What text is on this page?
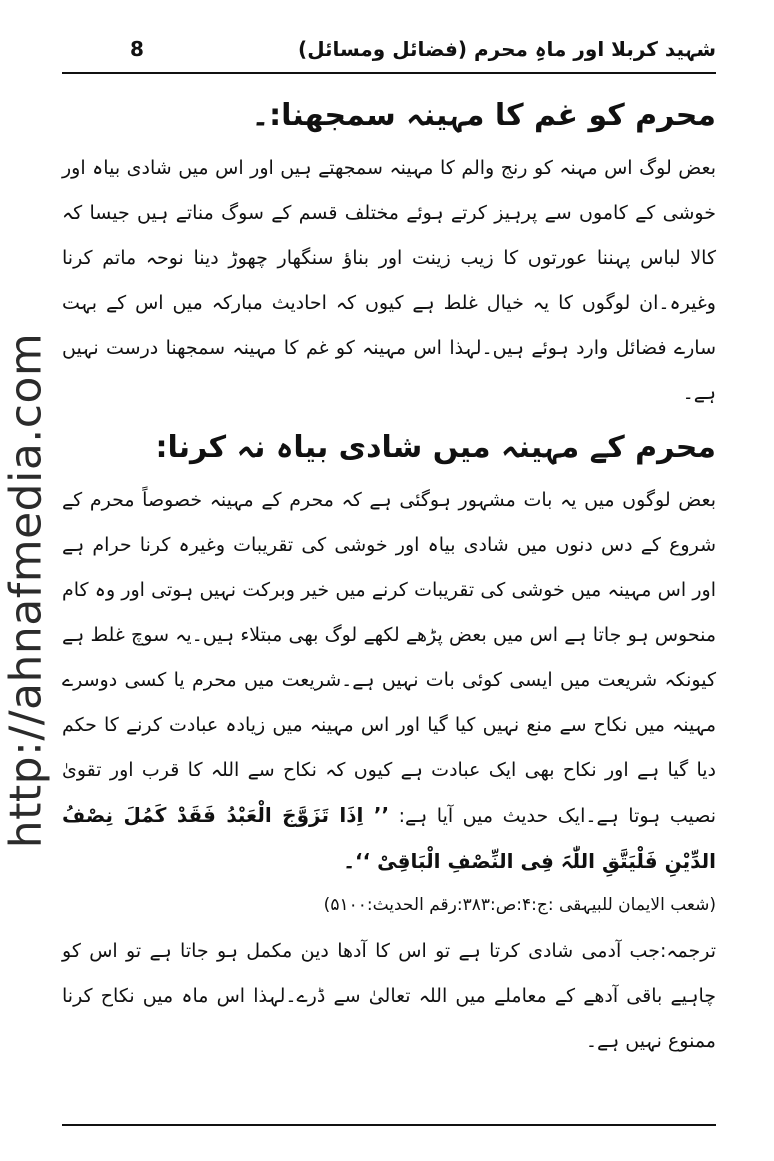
http://ahnafmedia.com
8	شہید کربلا اور ماہِ محرم (فضائل ومسائل)
محرم کو غم کا مہینہ سمجھنا:۔

بعض لوگ اس مہنہ کو رنج والم کا مہینہ سمجھتے ہیں اور اس میں شادی بیاہ اور خوشی کے کاموں سے پرہیز کرتے ہوئے مختلف قسم کے سوگ مناتے ہیں جیسا کہ کالا لباس پہننا عورتوں کا زیب زینت اور بناؤ سنگھار چھوڑ دینا نوحہ ماتم کرنا وغیرہ۔ان لوگوں کا یہ خیال غلط ہے کیوں کہ احادیث مبارکہ میں اس کے بہت سارے فضائل وارد ہوئے ہیں۔لہذا اس مہینہ کو غم کا مہینہ سمجھنا درست نہیں ہے۔

محرم کے مہینہ میں شادی بیاہ نہ کرنا:

بعض لوگوں میں یہ بات مشہور ہوگئی ہے کہ محرم کے مہینہ خصوصاً محرم کے شروع کے دس دنوں میں شادی بیاہ اور خوشی کی تقریبات وغیرہ کرنا حرام ہے اور اس مہینہ میں خوشی کی تقریبات کرنے میں خیر وبرکت نہیں ہوتی اور وہ کام منحوس ہو جاتا ہے اس میں بعض پڑھے لکھے لوگ بھی مبتلاء ہیں۔یہ سوچ غلط ہے کیونکہ شریعت میں ایسی کوئی بات نہیں ہے۔شریعت میں محرم یا کسی دوسرے مہینہ میں نکاح سے منع نہیں کیا گیا اور اس مہینہ میں زیادہ عبادت کرنے کا حکم دیا گیا ہے اور نکاح بھی ایک عبادت ہے کیوں کہ نکاح سے اللہ کا قرب اور تقویٰ نصیب ہوتا ہے۔ایک حدیث میں آیا ہے: ’’ اِذَا تَزَوَّجَ الْعَبْدُ فَقَدْ کَمُلَ نِصْفُ الدِّیْنِ فَلْیَتَّقِ اللّٰہَ فِی النِّصْفِ الْبَاقِیْ ‘‘۔

(شعب الایمان للبیہقی :ج:۴:ص:۳۸۳:رقم الحدیث:۵۱۰۰)

ترجمہ:جب آدمی شادی کرتا ہے تو اس کا آدھا دین مکمل ہو جاتا ہے تو اس کو چاہیے باقی آدھے کے معاملے میں اللہ تعالیٰ سے ڈرے۔لہذا اس ماہ میں نکاح کرنا ممنوع نہیں ہے۔
